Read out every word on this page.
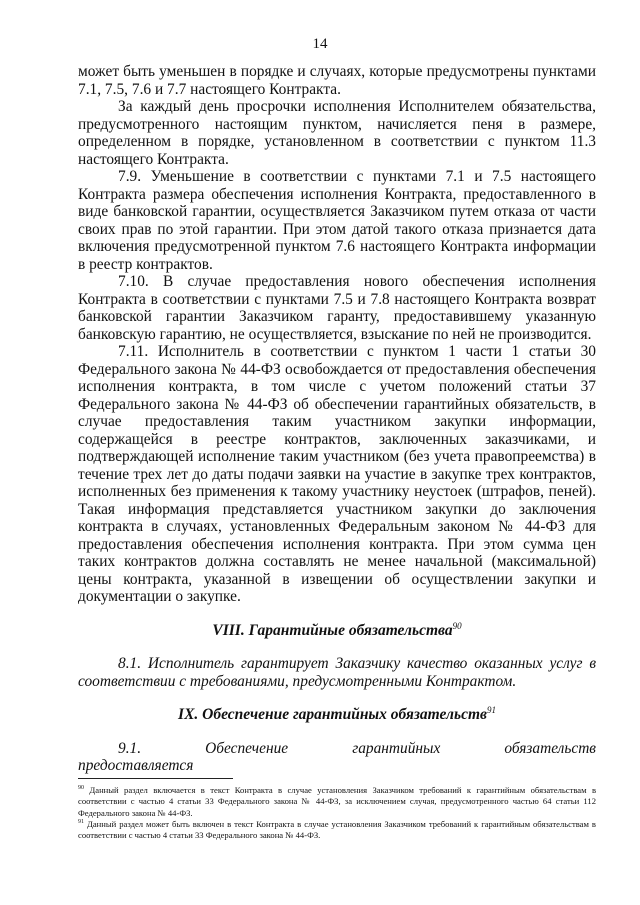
14

может быть уменьшен в порядке и случаях, которые предусмотрены пунктами 7.1, 7.5, 7.6 и 7.7 настоящего Контракта.

За каждый день просрочки исполнения Исполнителем обязательства, предусмотренного настоящим пунктом, начисляется пеня в размере, определенном в порядке, установленном в соответствии с пунктом 11.3 настоящего Контракта.

7.9. Уменьшение в соответствии с пунктами 7.1 и 7.5 настоящего Контракта размера обеспечения исполнения Контракта, предоставленного в виде банковской гарантии, осуществляется Заказчиком путем отказа от части своих прав по этой гарантии. При этом датой такого отказа признается дата включения предусмотренной пунктом 7.6 настоящего Контракта информации в реестр контрактов.

7.10. В случае предоставления нового обеспечения исполнения Контракта в соответствии с пунктами 7.5 и 7.8 настоящего Контракта возврат банковской гарантии Заказчиком гаранту, предоставившему указанную банковскую гарантию, не осуществляется, взыскание по ней не производится.

7.11. Исполнитель в соответствии с пунктом 1 части 1 статьи 30 Федерального закона № 44-ФЗ освобождается от предоставления обеспечения исполнения контракта, в том числе с учетом положений статьи 37 Федерального закона № 44-ФЗ об обеспечении гарантийных обязательств, в случае предоставления таким участником закупки информации, содержащейся в реестре контрактов, заключенных заказчиками, и подтверждающей исполнение таким участником (без учета правопреемства) в течение трех лет до даты подачи заявки на участие в закупке трех контрактов, исполненных без применения к такому участнику неустоек (штрафов, пеней). Такая информация представляется участником закупки до заключения контракта в случаях, установленных Федеральным законом № 44-ФЗ для предоставления обеспечения исполнения контракта. При этом сумма цен таких контрактов должна составлять не менее начальной (максимальной) цены контракта, указанной в извещении об осуществлении закупки и документации о закупке.

VIII. Гарантийные обязательства$^{90}$

8.1. Исполнитель гарантирует Заказчику качество оказанных услуг в соответствии с требованиями, предусмотренными Контрактом.

IX. Обеспечение гарантийных обязательств$^{91}$

9.1. Обеспечение гарантийных обязательств предоставляется

$^{90}$ Данный раздел включается в текст Контракта в случае установления Заказчиком требований к гарантийным обязательствам в соответствии с частью 4 статьи 33 Федерального закона № 44-ФЗ, за исключением случая, предусмотренного частью 64 статьи 112 Федерального закона № 44-ФЗ.

$^{91}$ Данный раздел может быть включен в текст Контракта в случае установления Заказчиком требований к гарантийным обязательствам в соответствии с частью 4 статьи 33 Федерального закона № 44-ФЗ.
